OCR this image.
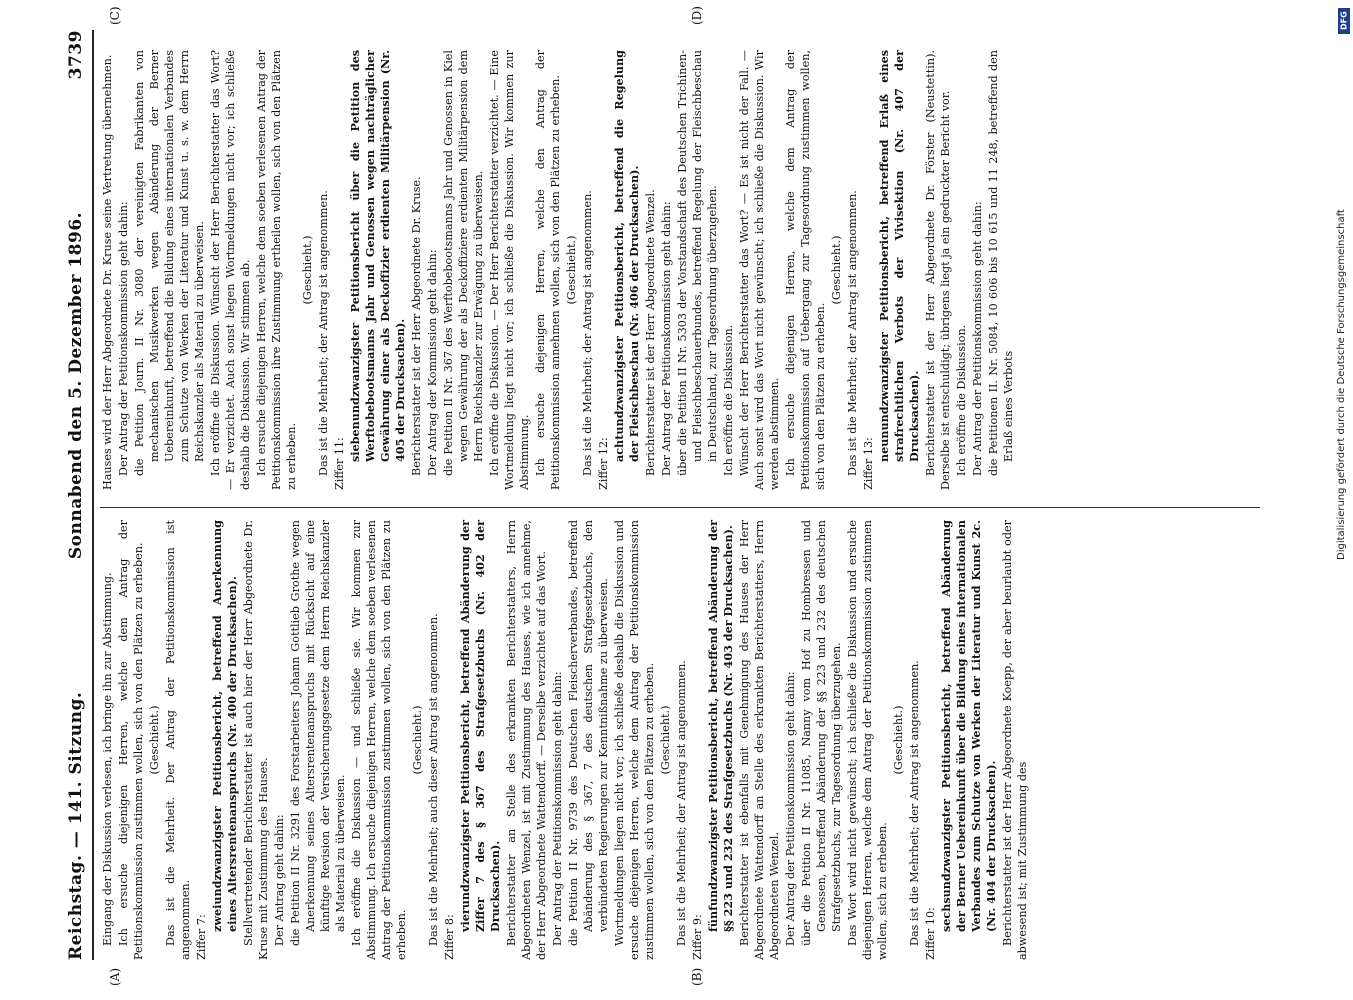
Reichstag. — 141. Sitzung.
Sonnabend den 5. Dezember 1896.
3739

Eingang der Diskussion verlesen, ich bringe ihn zur Abstimmung. Ich ersuche diejenigen Herren, welche dem Antrag der Petitionskommission zustimmen wollen, sich von den Plätzen zu erheben. (Geschieht.) Das ist die Mehrheit. Der Antrag der Petitionskommission ist angenommen. Ziffer 7:

zweiundzwanzigster Petitionsbericht, betreffend Anerkennung eines Altersrentenanspruchs (Nr. 400 der Drucksachen). Stellvertretender Berichterstatter ist auch hier der Herr Abgeordnete Dr. Kruse mit Zustimmung des Hauses. Der Antrag geht dahin: die Petition II Nr. 3291 des Forstarbeiters Johann Gottlieb Grothe wegen Anerkennung seines Altersrentenanspruchs mit Rücksicht auf eine künftige Revision der Versicherungsgesetze dem Herrn Reichskanzler als Material zu überweisen. Ich eröffne die Diskussion — und schließe sie. Wir kommen zur Abstimmung. Ich ersuche diejenigen Herren, welche dem soeben verlesenen Antrag der Petitionskommission zustimmen wollen, sich von den Plätzen zu erheben.

(Geschieht.) Das ist die Mehrheit; auch dieser Antrag ist angenommen. Ziffer 8:

vierundzwanzigster Petitionsbericht, betreffend Abänderung der Ziffer 7 des § 367 des Strafgesetzbuchs (Nr. 402 der Drucksachen). Berichterstatter an Stelle des erkrankten Berichterstatters, Herrn Abgeordneten Wenzel, ist mit Zustimmung des Hauses, wie ich annehme, der Herr Abgeordnete Wattendorff. — Derselbe verzichtet auf das Wort. Der Antrag der Petitionskommission geht dahin: die Petition II Nr. 9739 des Deutschen Fleischerverbandes, betreffend Abänderung des § 367, 7 des deutschen Strafgesetzbuchs, den verbündeten Regierungen zur Kenntnißnahme zu überweisen. Wortmeldungen liegen nicht vor; ich schließe deshalb die Diskussion und ersuche diejenigen Herren, welche dem Antrag der Petitionskommission zustimmen wollen, sich von den Plätzen zu erheben. (Geschieht.) Das ist die Mehrheit; der Antrag ist angenommen. Ziffer 9:

fünfundzwanzigster Petitionsbericht, betreffend Abänderung der §§ 223 und 232 des Strafgesetzbuchs (Nr. 403 der Drucksachen). Berichterstatter ist ebenfalls mit Genehmigung des Hauses der Herr Abgeordnete Wattendorff an Stelle des erkrankten Berichterstatters, Herrn Abgeordneten Wenzel. Der Antrag der Petitionskommission geht dahin: über die Petition II Nr. 11085, Nanny vom Hof zu Hombressen und Genossen, betreffend Abänderung der §§ 223 und 232 des deutschen Strafgesetzbuchs, zur Tagesordnung überzugehen. Das Wort wird nicht gewünscht; ich schließe die Diskussion und ersuche diejenigen Herren, welche dem Antrag der Petitionskommission zustimmen wollen, sich zu erheben.

(Geschieht.) Das ist die Mehrheit; der Antrag ist angenommen. Ziffer 10:

sechsundzwanzigster Petitionsbericht, betreffend Abänderung der Berner Uebereinkunft über die Bildung eines internationalen Verbandes zum Schutze von Werken der Literatur und Kunst 2c. (Nr. 404 der Drucksachen). Berichterstatter ist der Herr Abgeordnete Koepp, der aber beurlaubt oder abwesend ist; mit Zustimmung des

Hauses wird der Herr Abgeordnete Dr. Kruse seine Vertretung übernehmen. Der Antrag der Petitionskommission geht dahin: die Petition Journ. II Nr. 3080 der vereinigten Fabrikanten von mechanischen Musikwerken wegen Abänderung der Berner Uebereinkunft, betreffend die Bildung eines internationalen Verbandes zum Schutze von Werken der Literatur und Kunst u. s. w. dem Herrn Reichskanzler als Material zu überweisen. Ich eröffne die Diskussion. Wünscht der Herr Berichterstatter das Wort? — Er verzichtet. Auch sonst liegen Wortmeldungen nicht vor; ich schließe deshalb die Diskussion. Wir stimmen ab. Ich ersuche diejenigen Herren, welche dem soeben verlesenen Antrag der Petitionskommission ihre Zustimmung ertheilen wollen, sich von den Plätzen zu erheben.

(Geschieht.) Das ist die Mehrheit; der Antrag ist angenommen. Ziffer 11:

siebenundzwanzigster Petitionsbericht über die Petition des Werftobebootsmanns Jahr und Genossen wegen nachträglicher Gewährung einer als Deckoffizier erdienten Militärpension (Nr. 405 der Drucksachen). Berichterstatter ist der Herr Abgeordnete Dr. Kruse. Der Antrag der Kommission geht dahin: die Petition II Nr. 367 des Werftobebootsmanns Jahr und Genossen in Kiel wegen Gewährung der als Deckoffiziere erdienten Militärpension dem Herrn Reichskanzler zur Erwägung zu überweisen. Ich eröffne die Diskussion. — Der Herr Berichterstatter verzichtet. — Eine Wortmeldung liegt nicht vor; ich schließe die Diskussion. Wir kommen zur Abstimmung. Ich ersuche diejenigen Herren, welche den Antrag der Petitionskommission annehmen wollen, sich von den Plätzen zu erheben. (Geschieht.) Das ist die Mehrheit; der Antrag ist angenommen. Ziffer 12:

achtundzwanzigster Petitionsbericht, betreffend die Regelung der Fleischbeschau (Nr. 406 der Drucksachen). Berichterstatter ist der Herr Abgeordnete Wenzel. Der Antrag der Petitionskommission geht dahin: über die Petition II Nr. 5303 der Vorstandschaft des Deutschen Trichinen- und Fleischbeschauerbundes, betreffend Regelung der Fleischbeschau in Deutschland, zur Tagesordnung überzugehen. Ich eröffne die Diskussion. Wünscht der Herr Berichterstatter das Wort? — Es ist nicht der Fall. — Auch sonst wird das Wort nicht gewünscht; ich schließe die Diskussion. Wir werden abstimmen. Ich ersuche diejenigen Herren, welche dem Antrag der Petitionskommission auf Uebergang zur Tagesordnung zustimmen wollen, sich von den Plätzen zu erheben.

(Geschieht.) Das ist die Mehrheit; der Antrag ist angenommen. Ziffer 13:

neunundzwanzigster Petitionsbericht, betreffend Erlaß eines strafrechtlichen Verbots der Vivisektion (Nr. 407 der Drucksachen). Berichterstatter ist der Herr Abgeordnete Dr. Förster (Neustettin). Derselbe ist entschuldigt; übrigens liegt ja ein gedruckter Bericht vor. Ich eröffne die Diskussion. Der Antrag der Petitionskommission geht dahin: die Petitionen II. Nr. 5084, 10 606 bis 10 615 und 11 248, betreffend den Erlaß eines Verbots

(A)	(B)
(C)	(D)
Digitalisierung gefördert durch die Deutsche Forschungsgemeinschaft
DFG
